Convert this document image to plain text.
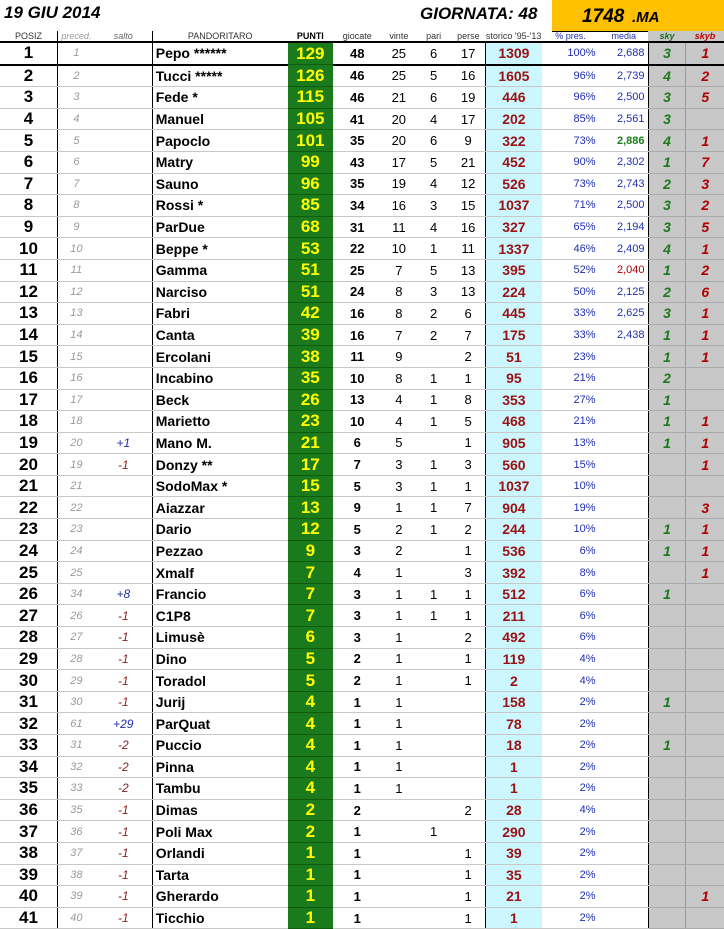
19 GIU 2014	GIORNATA: 48 1748 .MA
POSIZ	preced.	salto	PANDORITARO	PUNTI	giocate	vinte	pari	perse	storico '95-'13	% pres.	media	sky	skyb
1	1		Pepo ******	129	48	25	6	17	1309	100%	2,688	3	1
2	2		Tucci *****	126	46	25	5	16	1605	96%	2,739	4	2
3	3		Fede *	115	46	21	6	19	446	96%	2,500	3	5
4	4		Manuel	105	41	20	4	17	202	85%	2,561	3	
5	5		Papoclo	101	35	20	6	9	322	73%	2,886	4	1
6	6		Matry	99	43	17	5	21	452	90%	2,302	1	7
7	7		Sauno	96	35	19	4	12	526	73%	2,743	2	3
8	8		Rossi *	85	34	16	3	15	1037	71%	2,500	3	2
9	9		ParDue	68	31	11	4	16	327	65%	2,194	3	5
10	10		Beppe *	53	22	10	1	11	1337	46%	2,409	4	1
11	11		Gamma	51	25	7	5	13	395	52%	2,040	1	2
12	12		Narciso	51	24	8	3	13	224	50%	2,125	2	6
13	13		Fabri	42	16	8	2	6	445	33%	2,625	3	1
14	14		Canta	39	16	7	2	7	175	33%	2,438	1	1
15	15		Ercolani	38	11	9		2	51	23%		1	1
16	16		Incabino	35	10	8	1	1	95	21%		2	
17	17		Beck	26	13	4	1	8	353	27%		1	
18	18		Marietto	23	10	4	1	5	468	21%		1	1
19	20	+1	Mano M.	21	6	5		1	905	13%		1	1
20	19	-1	Donzy **	17	7	3	1	3	560	15%			1
21	21		SodoMax *	15	5	3	1	1	1037	10%			
22	22		Aiazzar	13	9	1	1	7	904	19%			3
23	23		Dario	12	5	2	1	2	244	10%		1	1
24	24		Pezzao	9	3	2		1	536	6%		1	1
25	25		Xmalf	7	4	1		3	392	8%			1
26	34	+8	Francio	7	3	1	1	1	512	6%		1	
27	26	-1	C1P8	7	3	1	1	1	211	6%			
28	27	-1	Limusè	6	3	1		2	492	6%			
29	28	-1	Dino	5	2	1		1	119	4%			
30	29	-1	Toradol	5	2	1		1	2	4%			
31	30	-1	Jurij	4	1	1			158	2%		1	
32	61	+29	ParQuat	4	1	1			78	2%			
33	31	-2	Puccio	4	1	1			18	2%		1	
34	32	-2	Pinna	4	1	1			1	2%			
35	33	-2	Tambu	4	1	1			1	2%			
36	35	-1	Dimas	2	2			2	28	4%			
37	36	-1	Poli Max	2	1		1		290	2%			
38	37	-1	Orlandi	1	1			1	39	2%			
39	38	-1	Tarta	1	1			1	35	2%			
40	39	-1	Gherardo	1	1			1	21	2%			1
41	40	-1	Ticchio	1	1			1	1	2%			
